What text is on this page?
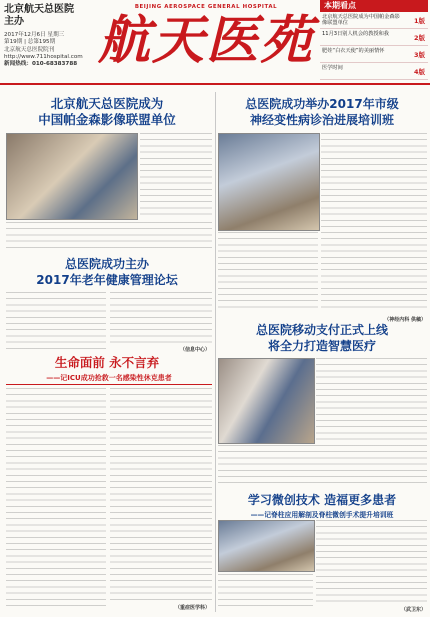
北京航天总医院
主办
2017年12月6日 星期三
第19期 | 总第195期
北京航天总医院院刊
http://www.711hospital.com
新闻热线：010-68383788
BEIJING AEROSPACE GENERAL HOSPITAL
航天医苑
本期看点
北京航天总医院成为中国帕金森影像联盟单位	1版
11月3日别人机会的教授和我	2版
肥娃“白衣天使”的美丽情怀	3版
医学时间	4版
北京航天总医院成为
中国帕金森影像联盟单位
总医院成功举办2017年市级
神经变性病诊治进展培训班
（神经内科 供稿）
总医院成功主办
2017年老年健康管理论坛
（信息中心）
总医院移动支付正式上线
将全力打造智慧医疗
生命面前 永不言弃
——记ICU成功抢救一名感染性休克患者
（重症医学科）
学习微创技术 造福更多患者
——记脊柱应用解剖及脊柱微创手术提升培训班
（武卫东）
